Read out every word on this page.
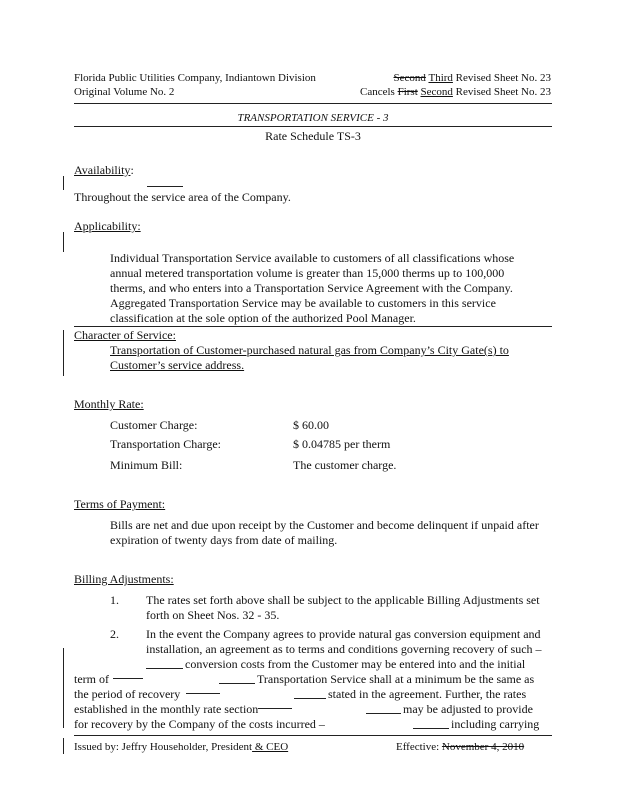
Florida Public Utilities Company, Indiantown Division
Original Volume No. 2
Second Third Revised Sheet No. 23
Cancels First Second Revised Sheet No. 23
TRANSPORTATION SERVICE - 3
Rate Schedule TS-3
Availability:
Throughout the service area of the Company.
Applicability:
Individual Transportation Service available to customers of all classifications whose
annual metered transportation volume is greater than 15,000 therms up to 100,000
therms, and who enters into a Transportation Service Agreement with the Company.
Aggregated Transportation Service may be available to customers in this service
classification at the sole option of the authorized Pool Manager.
Character of Service:
Transportation of Customer-purchased natural gas from Company’s City Gate(s) to
Customer’s service address.
Monthly Rate:
Customer Charge:	$ 60.00
Transportation Charge:	$ 0.04785 per therm
Minimum Bill:	The customer charge.
Terms of Payment:
Bills are net and due upon receipt by the Customer and become delinquent if unpaid after
expiration of twenty days from date of mailing.
Billing Adjustments:
1. The rates set forth above shall be subject to the applicable Billing Adjustments set
forth on Sheet Nos. 32 - 35.
2. In the event the Company agrees to provide natural gas conversion equipment and
installation, an agreement as to terms and conditions governing recovery of such –
conversion costs from the Customer may be entered into and the initial
term of	Transportation Service shall at a minimum be the same as
the period of recovery	stated in the agreement. Further, the rates
established in the monthly rate section	may be adjusted to provide
for recovery by the Company of the costs incurred –	including carrying
Issued by: Jeffry Householder, President & CEO	Effective: November 4, 2010
